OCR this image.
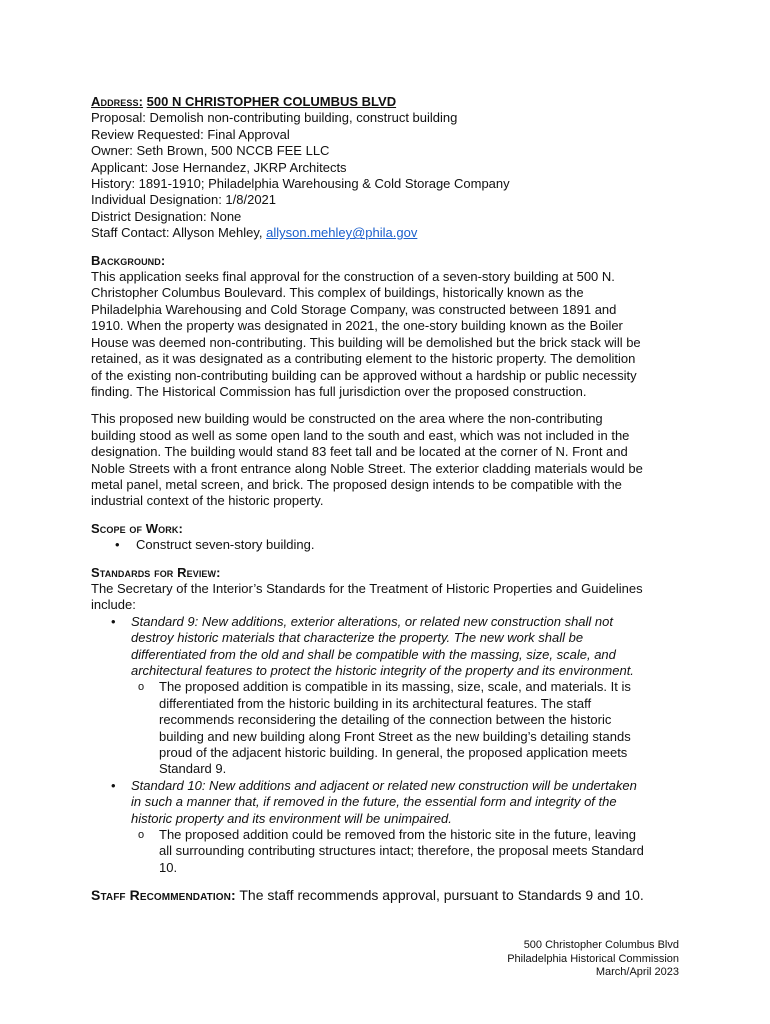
Address: 500 N CHRISTOPHER COLUMBUS BLVD
Proposal: Demolish non-contributing building, construct building
Review Requested: Final Approval
Owner: Seth Brown, 500 NCCB FEE LLC
Applicant: Jose Hernandez, JKRP Architects
History: 1891-1910; Philadelphia Warehousing & Cold Storage Company
Individual Designation: 1/8/2021
District Designation: None
Staff Contact: Allyson Mehley, allyson.mehley@phila.gov
Background:

This application seeks final approval for the construction of a seven-story building at 500 N.
Christopher Columbus Boulevard. This complex of buildings, historically known as the
Philadelphia Warehousing and Cold Storage Company, was constructed between 1891 and
1910. When the property was designated in 2021, the one-story building known as the Boiler
House was deemed non-contributing. This building will be demolished but the brick stack will be
retained, as it was designated as a contributing element to the historic property. The demolition
of the existing non-contributing building can be approved without a hardship or public necessity
finding. The Historical Commission has full jurisdiction over the proposed construction.

This proposed new building would be constructed on the area where the non-contributing
building stood as well as some open land to the south and east, which was not included in the
designation. The building would stand 83 feet tall and be located at the corner of N. Front and
Noble Streets with a front entrance along Noble Street. The exterior cladding materials would be
metal panel, metal screen, and brick. The proposed design intends to be compatible with the
industrial context of the historic property.

Scope of Work:
• Construct seven-story building.
Standards for Review:
The Secretary of the Interior’s Standards for the Treatment of Historic Properties and Guidelines
include:
• Standard 9: New additions, exterior alterations, or related new construction shall not
destroy historic materials that characterize the property. The new work shall be
differentiated from the old and shall be compatible with the massing, size, scale, and
architectural features to protect the historic integrity of the property and its environment.
o The proposed addition is compatible in its massing, size, scale, and materials. It is
differentiated from the historic building in its architectural features. The staff
recommends reconsidering the detailing of the connection between the historic
building and new building along Front Street as the new building’s detailing stands
proud of the adjacent historic building. In general, the proposed application meets
Standard 9.
• Standard 10: New additions and adjacent or related new construction will be undertaken
in such a manner that, if removed in the future, the essential form and integrity of the
historic property and its environment will be unimpaired.
o The proposed addition could be removed from the historic site in the future, leaving
all surrounding contributing structures intact; therefore, the proposal meets Standard
10.
Staff Recommendation: The staff recommends approval, pursuant to Standards 9 and 10.
500 Christopher Columbus Blvd
Philadelphia Historical Commission
March/April 2023
